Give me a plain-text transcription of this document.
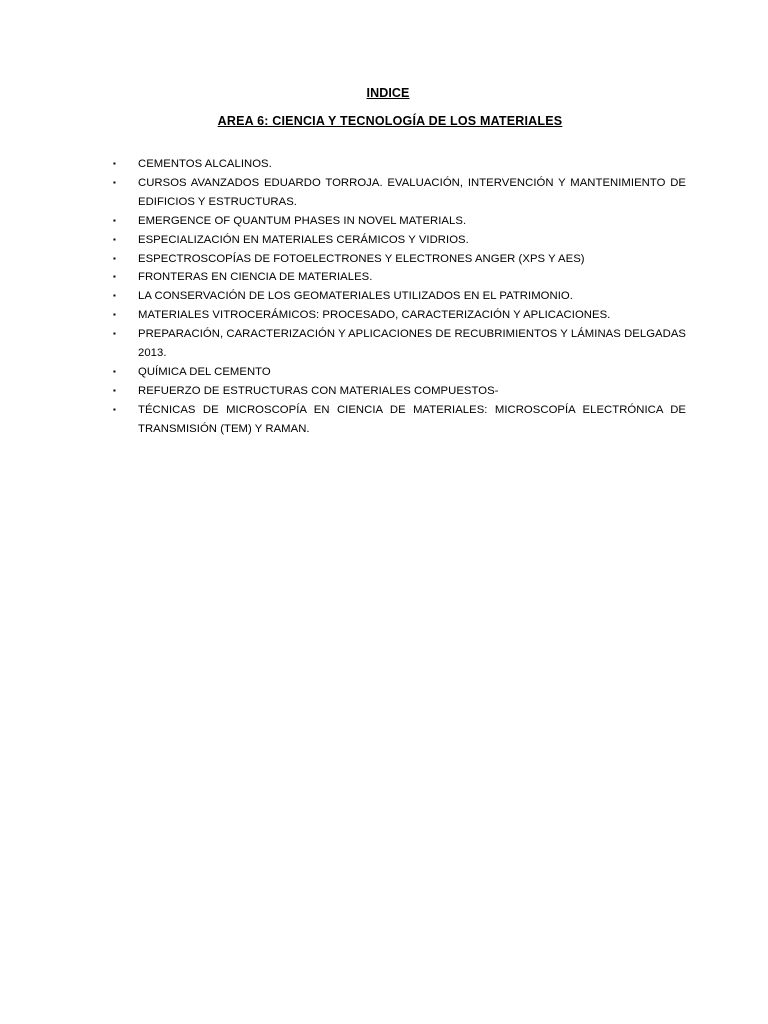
INDICE
AREA 6: CIENCIA Y TECNOLOGÍA DE LOS MATERIALES
▪	CEMENTOS ALCALINOS.
▪	CURSOS AVANZADOS EDUARDO TORROJA. EVALUACIÓN, INTERVENCIÓN Y MANTENIMIENTO DE EDIFICIOS Y ESTRUCTURAS.
▪	EMERGENCE OF QUANTUM PHASES IN NOVEL MATERIALS.
▪	ESPECIALIZACIÓN EN MATERIALES CERÁMICOS Y VIDRIOS.
▪	ESPECTROSCOPÍAS DE FOTOELECTRONES Y ELECTRONES ANGER (XPS Y AES)
▪	FRONTERAS EN CIENCIA DE MATERIALES.
▪	LA CONSERVACIÓN DE LOS GEOMATERIALES UTILIZADOS EN EL PATRIMONIO.
▪	MATERIALES VITROCERÁMICOS: PROCESADO, CARACTERIZACIÓN Y APLICACIONES.
▪	PREPARACIÓN, CARACTERIZACIÓN Y APLICACIONES DE RECUBRIMIENTOS Y LÁMINAS DELGADAS 2013.
▪	QUÍMICA DEL CEMENTO
▪	REFUERZO DE ESTRUCTURAS CON MATERIALES COMPUESTOS-
▪	TÉCNICAS DE MICROSCOPÍA EN CIENCIA DE MATERIALES: MICROSCOPÍA ELECTRÓNICA DE TRANSMISIÓN (TEM) Y RAMAN.
